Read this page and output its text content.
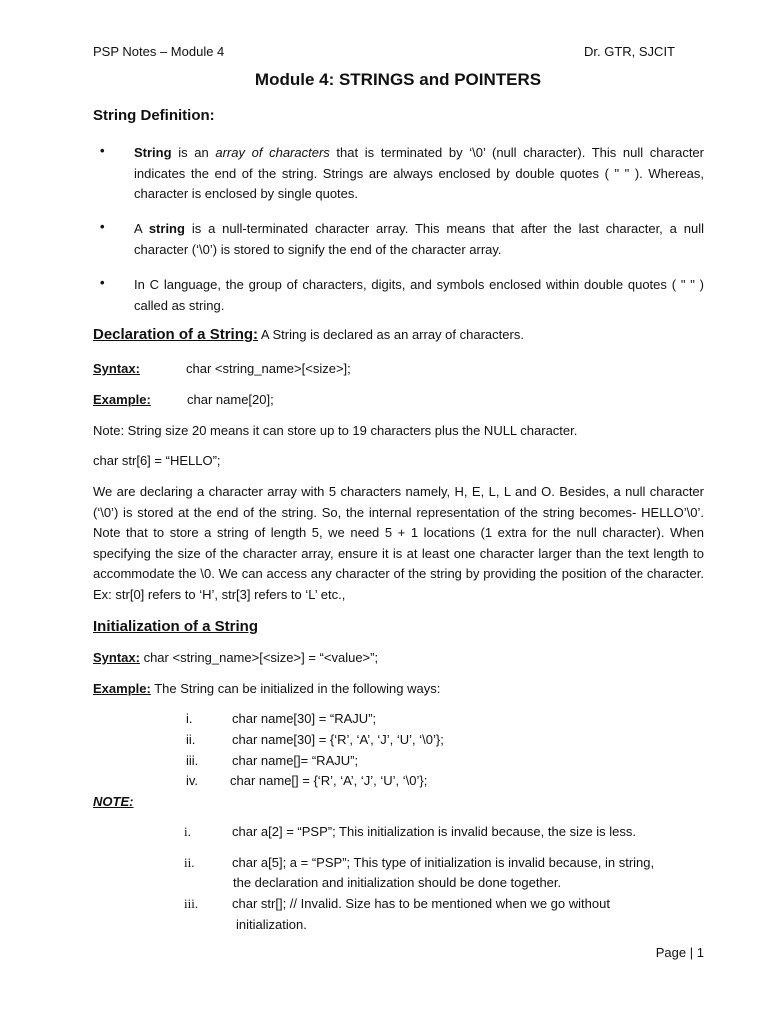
PSP Notes – Module 4	Dr. GTR, SJCIT
Module 4: STRINGS and POINTERS
String Definition:
• String is an array of characters that is terminated by ‘\0’ (null character). This null character indicates the end of the string. Strings are always enclosed by double quotes ( " " ). Whereas, character is enclosed by single quotes.
• A string is a null-terminated character array. This means that after the last character, a null character (‘\0’) is stored to signify the end of the character array.
• In C language, the group of characters, digits, and symbols enclosed within double quotes ( " " ) called as string.
Declaration of a String: A String is declared as an array of characters.
Syntax:	char <string_name>[<size>];
Example:	char name[20];
Note: String size 20 means it can store up to 19 characters plus the NULL character.
char str[6] = “HELLO”;
We are declaring a character array with 5 characters namely, H, E, L, L and O. Besides, a null character (‘\0’) is stored at the end of the string. So, the internal representation of the string becomes- HELLO’\0’. Note that to store a string of length 5, we need 5 + 1 locations (1 extra for the null character). When specifying the size of the character array, ensure it is at least one character larger than the text length to accommodate the \0. We can access any character of the string by providing the position of the character. Ex: str[0] refers to ‘H’, str[3] refers to ‘L’ etc.,
Initialization of a String
Syntax: char <string_name>[<size>] = “<value>”;
Example: The String can be initialized in the following ways:
i.	char name[30] = “RAJU”;
ii.	char name[30] = {‘R’, ‘A’, ‘J’, ‘U’, ‘\0’};
iii.	char name[]= “RAJU”;
iv. char name[] = {‘R’, ‘A’, ‘J’, ‘U’, ‘\0’};
NOTE:
i.	char a[2] = “PSP”; This initialization is invalid because, the size is less.
ii.	char a[5]; a = “PSP”; This type of initialization is invalid because, in string,
the declaration and initialization should be done together.
iii.	char str[]; // Invalid. Size has to be mentioned when we go without
initialization.
Page | 1
